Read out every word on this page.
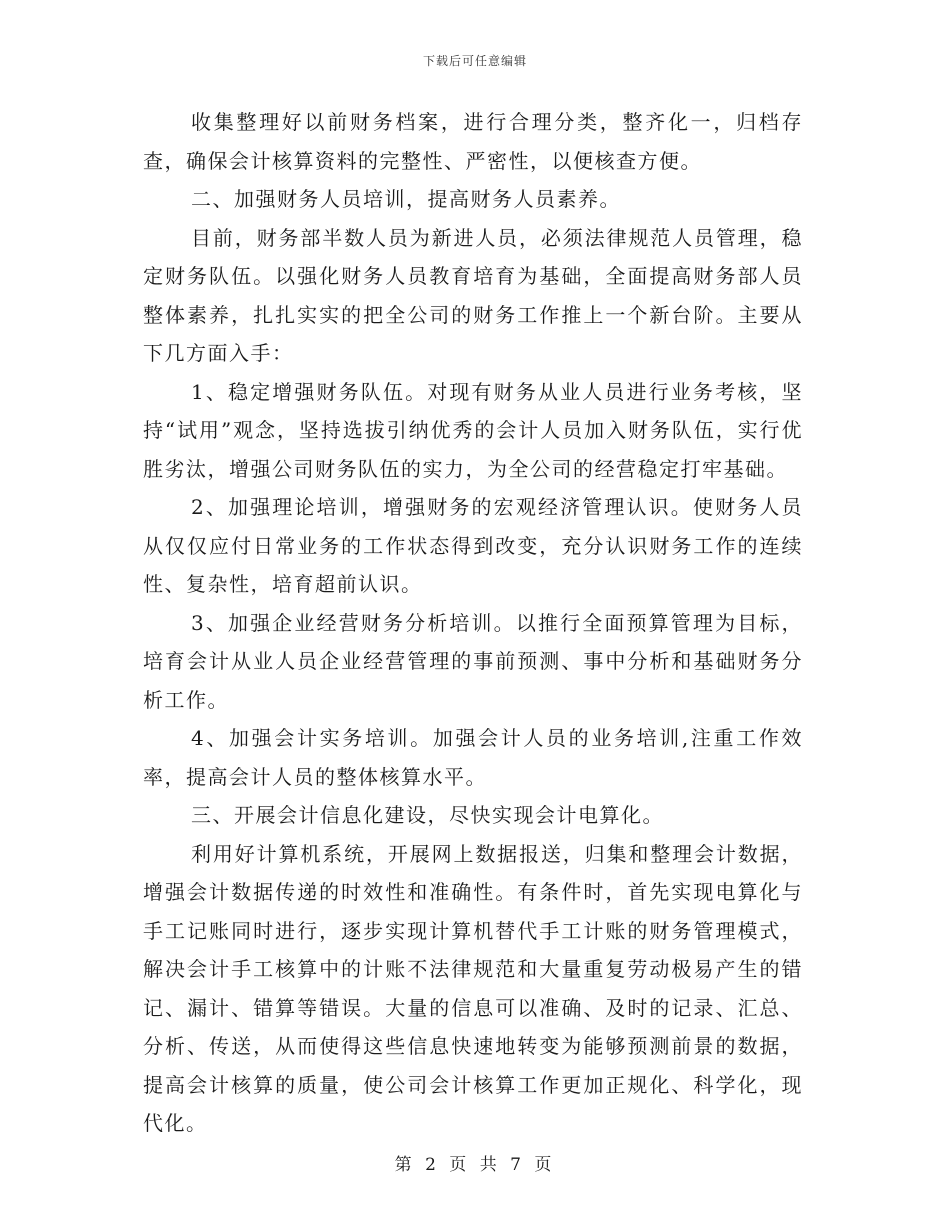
下载后可任意编辑

收集整理好以前财务档案，进行合理分类，整齐化一，归档存查，确保会计核算资料的完整性、严密性，以便核查方便。

二、加强财务人员培训，提高财务人员素养。

目前，财务部半数人员为新进人员，必须法律规范人员管理，稳定财务队伍。以强化财务人员教育培育为基础，全面提高财务部人员整体素养，扎扎实实的把全公司的财务工作推上一个新台阶。主要从下几方面入手：

1、稳定增强财务队伍。对现有财务从业人员进行业务考核，坚持“试用”观念，坚持选拔引纳优秀的会计人员加入财务队伍，实行优胜劣汰，增强公司财务队伍的实力，为全公司的经营稳定打牢基础。

2、加强理论培训，增强财务的宏观经济管理认识。使财务人员从仅仅应付日常业务的工作状态得到改变，充分认识财务工作的连续性、复杂性，培育超前认识。

3、加强企业经营财务分析培训。以推行全面预算管理为目标，培育会计从业人员企业经营管理的事前预测、事中分析和基础财务分析工作。

4、加强会计实务培训。加强会计人员的业务培训,注重工作效率，提高会计人员的整体核算水平。

三、开展会计信息化建设，尽快实现会计电算化。

利用好计算机系统，开展网上数据报送，归集和整理会计数据，增强会计数据传递的时效性和准确性。有条件时，首先实现电算化与手工记账同时进行，逐步实现计算机替代手工计账的财务管理模式，解决会计手工核算中的计账不法律规范和大量重复劳动极易产生的错记、漏计、错算等错误。大量的信息可以准确、及时的记录、汇总、分析、传送，从而使得这些信息快速地转变为能够预测前景的数据，提高会计核算的质量，使公司会计核算工作更加正规化、科学化，现代化。

第 2 页 共 7 页
